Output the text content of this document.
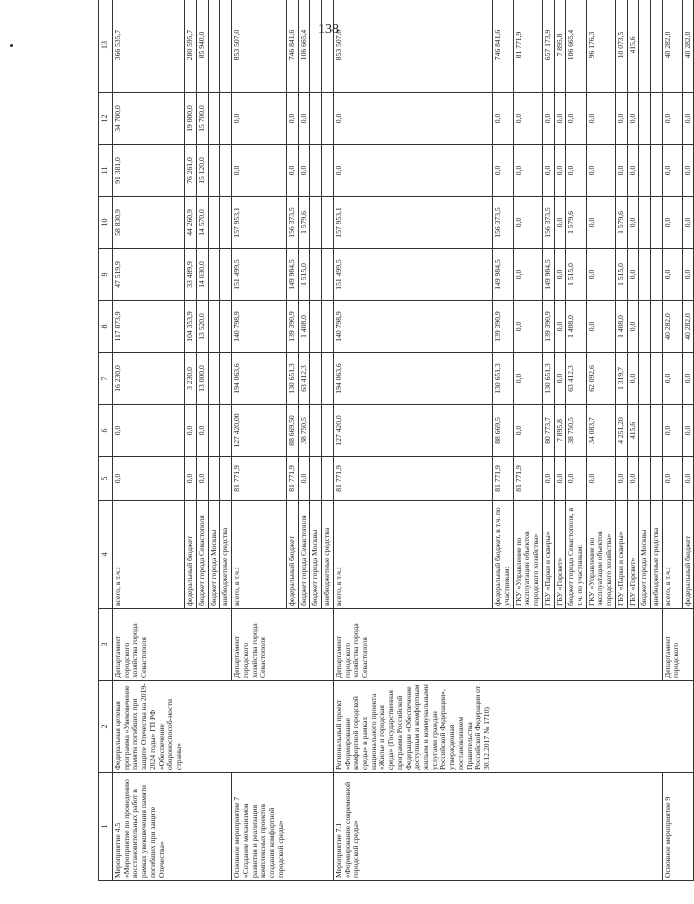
138
1	2	3	4	5	6	7	8	9	10	11	12	13
Мероприятие 4.5 «Мероприятие по проведению восстановительных работ в рамках увековечения памяти погибших при защите Отечества»	Федеральная целевая программа «Увековечение памяти погибших при защите Отечества на 2019-2024 годы» ГП РФ «Обеспечение обороноспособ-ности страны»	Департамент городского хозяйства города Севастополя	всего, в т.ч.:	0,0	0,0	16 230,0	117 873,9	47 519,9	58 830,9	91 381,0	34 700,0	366 535,7
			федеральный бюджет	0,0	0,0	3 230,0	104 353,9	33 489,9	44 260,9	76 261,0	19 000,0	280 595,7
			бюджет города Севастополя	0,0	0,0	13 000,0	13 520,0	14 030,0	14 570,0	15 120,0	15 700,0	85 940,0
			бюджет города Москвы									
			внебюджетные средства									
Основное мероприятие 7 «Создание механизмов развития и реализация комплексных проектов создания комфортной городской среды»		Департамент городского хозяйства города Севастополя	всего, в т.ч.:	81 771,9	127 420,00	194 063,6	140 798,9	151 499,5	157 953,1	0,0	0,0	853 507,0
			федеральный бюджет	81 771,9	88 669,50	130 651,3	139 390,9	149 984,5	156 373,5	0,0	0,0	746 841,6
			бюджет города Севастополя	0,0	38 750,5	63 412,3	1 408,0	1 515,0	1 579,6	0,0	0,0	106 665,4
			бюджет города Москвы									
			внебюджетные средства									
Мероприятие 7.1 «Формирование современной городской среды»	Региональный проект «Формирование комфортной городской среды» в рамках национального проекта «Жилье и городская среда» (Государственная программа Российской Федерации «Обеспечение доступным и комфортным жильем и коммунальными услугами граждан Российской Федерации», утвержденная постановлением Правительства Российской Федерации от 30.12.2017 № 1710)	Департамент городского хозяйства города Севастополя	всего, в т.ч.:	81 771,9	127 420,0	194 063,6	140 798,9	151 499,5	157 953,1	0,0	0,0	853 507,0
			федеральный бюджет, в т.ч. по участникам:	81 771,9	88 669,5	130 651,3	139 390,9	149 984,5	156 373,5	0,0	0,0	746 841,6
			ГКУ «Управление по эксплуатации объектов городского хозяйства»	81 771,9	0,0	0,0	0,0	0,0	0,0	0,0	0,0	81 771,9
			ГБУ «Парки и скверы»	0,0	80 773,7	130 651,3	139 390,9	149 984,5	156 373,5	0,0	0,0	657 173,9
			ГБУ «Горсвет»	0,0	7 895,8	0,0	0,0	0,0	0,0	0,0	0,0	7 895,8
			бюджет города Севастополя, в т.ч. по участникам:	0,0	38 750,5	63 412,3	1 408,0	1 515,0	1 579,6	0,0	0,0	106 665,4
			ГКУ «Управление по эксплуатации объектов городского хозяйства»	0,0	34 083,7	62 092,6	0,0	0,0	0,0	0,0	0,0	96 176,3
			ГБУ «Парки и скверы»	0,0	4 251,20	1 319,7	1 408,0	1 515,0	1 579,6	0,0	0,0	10 073,5
			ГБУ «Горсвет»	0,0	415,6	0,0	0,0	0,0	0,0	0,0	0,0	415,6
			бюджет города Москвы									
			внебюджетные средства									
Основное мероприятие 9		Департамент городского	всего, в т.ч.:	0,0	0,0	0,0	40 282,0	0,0	0,0	0,0	0,0	40 282,0
			федеральный бюджет	0,0	0,0	0,0	40 282,0	0,0	0,0	0,0	0,0	40 282,0
